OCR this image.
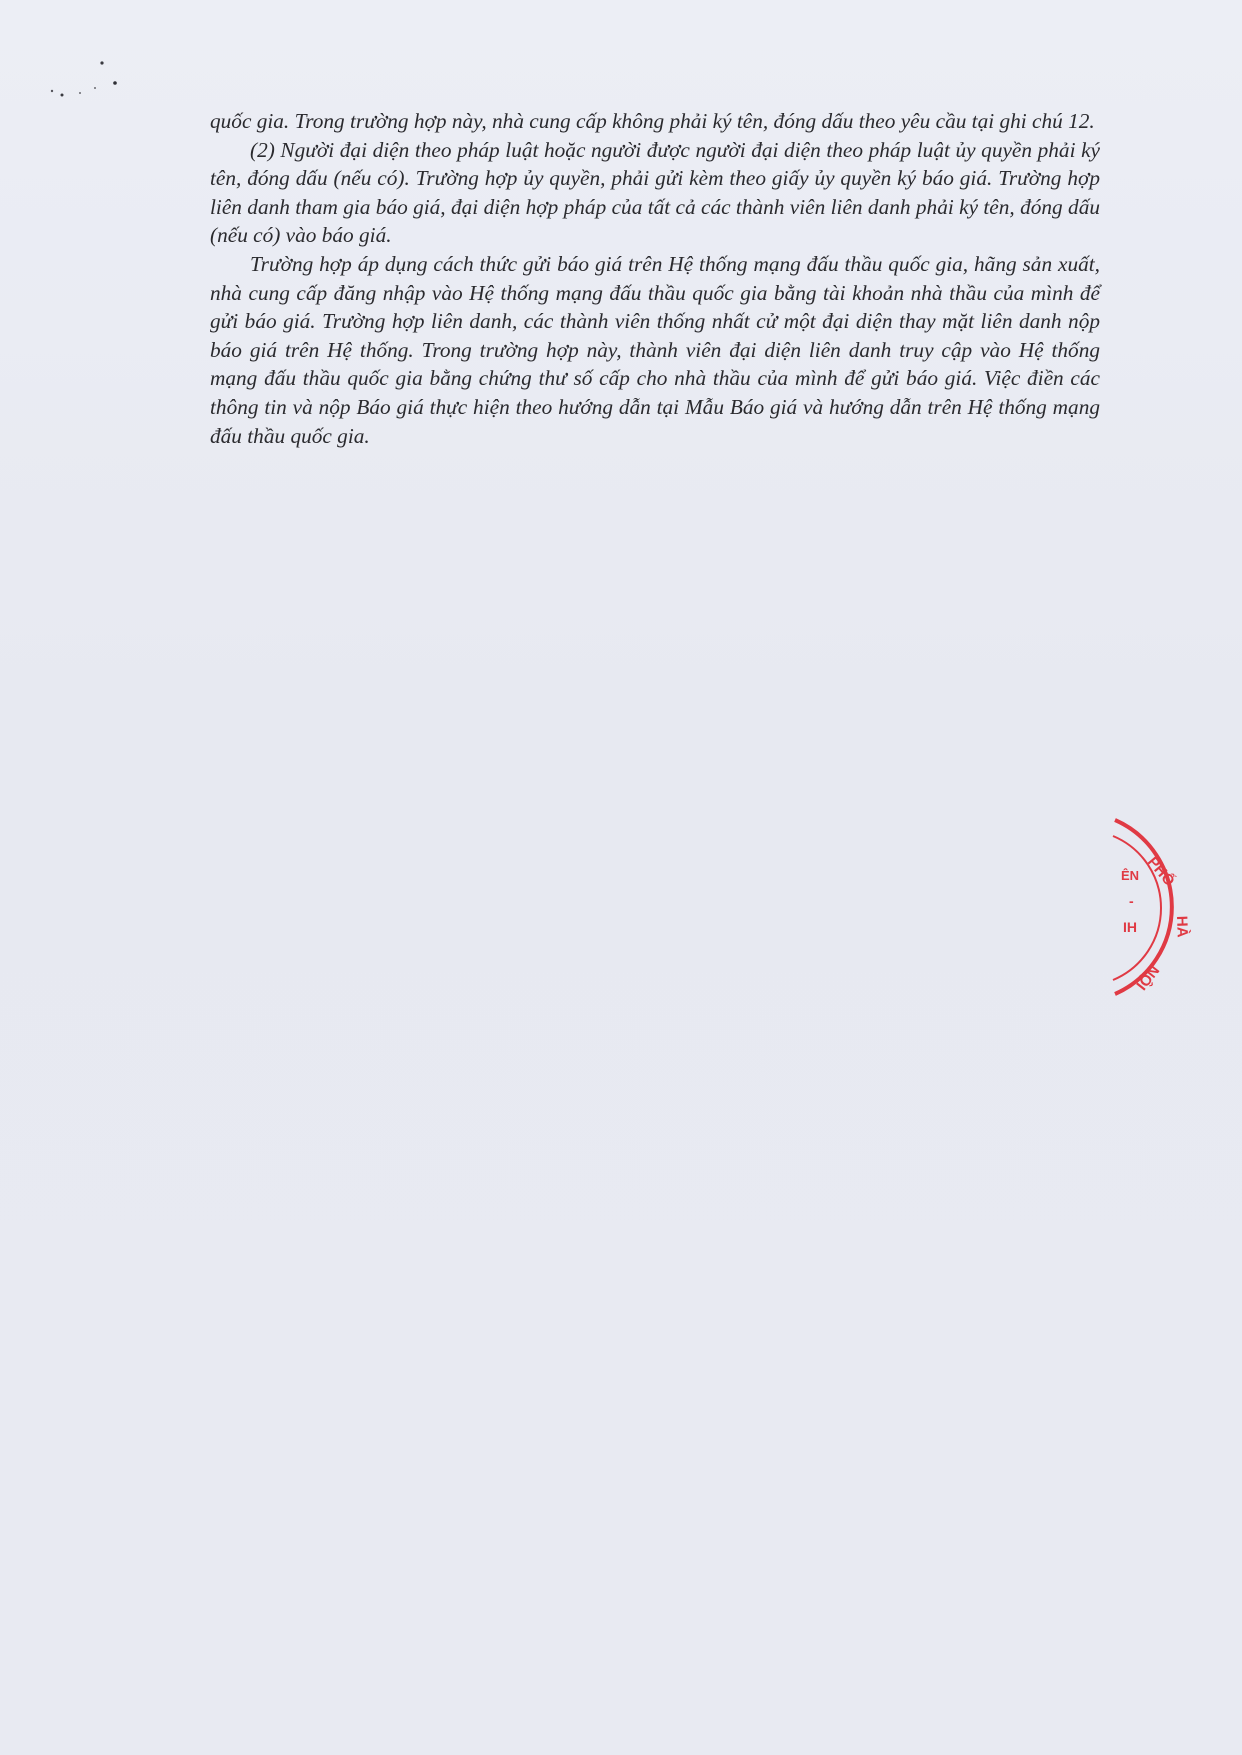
quốc gia. Trong trường hợp này, nhà cung cấp không phải ký tên, đóng dấu theo yêu cầu tại ghi chú 12.

(2) Người đại diện theo pháp luật hoặc người được người đại diện theo pháp luật ủy quyền phải ký tên, đóng dấu (nếu có). Trường hợp ủy quyền, phải gửi kèm theo giấy ủy quyền ký báo giá. Trường hợp liên danh tham gia báo giá, đại diện hợp pháp của tất cả các thành viên liên danh phải ký tên, đóng dấu (nếu có) vào báo giá.

Trường hợp áp dụng cách thức gửi báo giá trên Hệ thống mạng đấu thầu quốc gia, hãng sản xuất, nhà cung cấp đăng nhập vào Hệ thống mạng đấu thầu quốc gia bằng tài khoản nhà thầu của mình để gửi báo giá. Trường hợp liên danh, các thành viên thống nhất cử một đại diện thay mặt liên danh nộp báo giá trên Hệ thống. Trong trường hợp này, thành viên đại diện liên danh truy cập vào Hệ thống mạng đấu thầu quốc gia bằng chứng thư số cấp cho nhà thầu của mình để gửi báo giá. Việc điền các thông tin và nộp Báo giá thực hiện theo hướng dẫn tại Mẫu Báo giá và hướng dẫn trên Hệ thống mạng đấu thầu quốc gia.

PHỐ
HÀ
NỘI
ÊN
IH
-
